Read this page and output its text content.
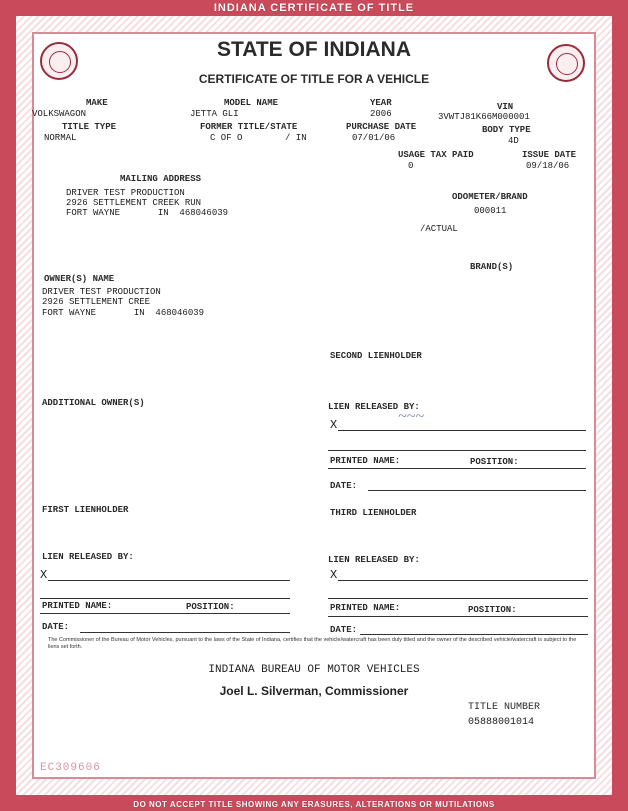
INDIANA CERTIFICATE OF TITLE
DO NOT ACCEPT TITLE SHOWING ANY ERASURES, ALTERATIONS OR MUTILATIONS
STATE OF INDIANA
CERTIFICATE OF TITLE FOR A VEHICLE
MAKE
VOLKSWAGON
MODEL NAME
JETTA GLI
YEAR
2006
VIN
3VWTJ81K66M000001
TITLE TYPE
NORMAL
FORMER TITLE/STATE
C OF O	/ IN
PURCHASE DATE
07/01/06
BODY TYPE
4D
USAGE TAX PAID
0
ISSUE DATE
09/18/06
MAILING ADDRESS
DRIVER TEST PRODUCTION
2926 SETTLEMENT CREEK RUN
FORT WAYNE       IN  468046039
ODOMETER/BRAND
000011
/ACTUAL
BRAND(S)
OWNER(S) NAME
DRIVER TEST PRODUCTION
2926 SETTLEMENT CREE
FORT WAYNE       IN  468046039
SECOND LIENHOLDER
ADDITIONAL OWNER(S)	LIEN RELEASED BY:
X	~~~
PRINTED NAME:	POSITION:
DATE:
FIRST LIENHOLDER	THIRD LIENHOLDER
LIEN RELEASED BY:
X
PRINTED NAME:	POSITION:
DATE:
LIEN RELEASED BY:
X
PRINTED NAME:	POSITION:
DATE:
The Commissioner of the Bureau of Motor Vehicles, pursuant to the laws of the State of Indiana, certifies that the vehicle/watercraft has been duly titled and the owner of the described vehicle/watercraft is subject to the liens set forth.
INDIANA BUREAU OF MOTOR VEHICLES
Joel L. Silverman, Commissioner
TITLE NUMBER
05888001014
EC309606
